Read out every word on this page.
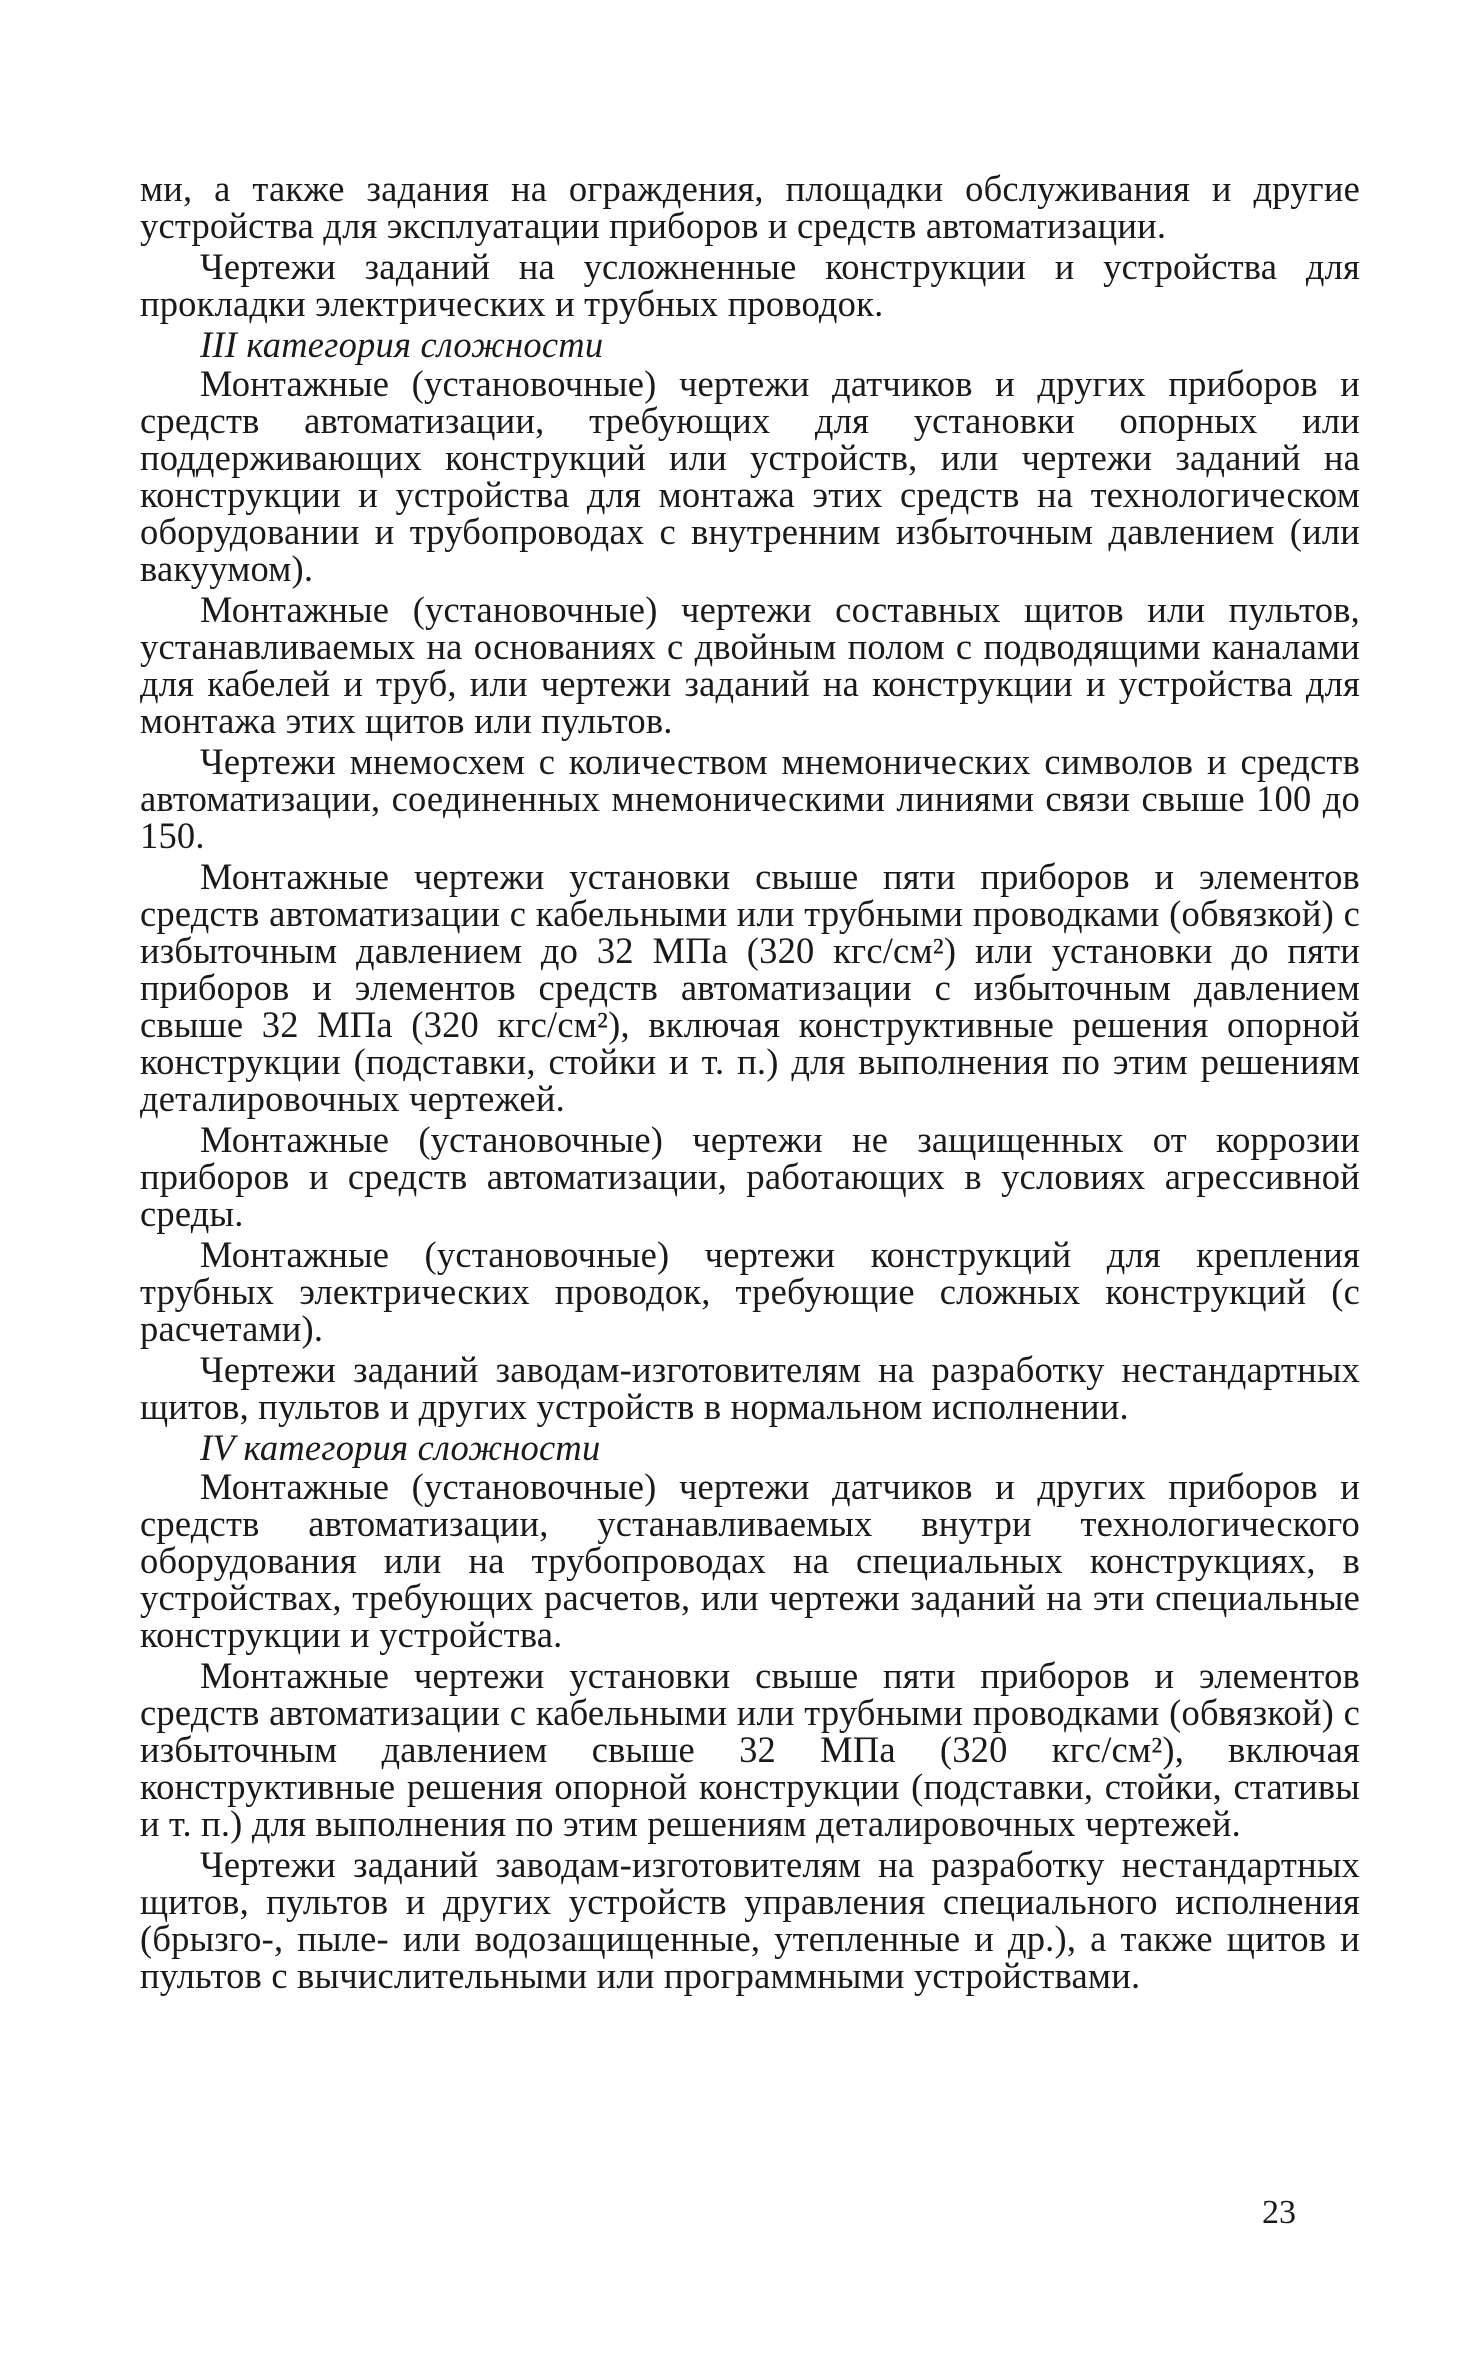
ми, а также задания на ограждения, площадки обслуживания и другие устройства для эксплуатации приборов и средств автоматизации.

Чертежи заданий на усложненные конструкции и устройства для прокладки электрических и трубных проводок.

III категория сложности

Монтажные (установочные) чертежи датчиков и других приборов и средств автоматизации, требующих для установки опорных или поддерживающих конструкций или устройств, или чертежи заданий на конструкции и устройства для монтажа этих средств на технологическом оборудовании и трубопроводах с внутренним избыточным давлением (или вакуумом).

Монтажные (установочные) чертежи составных щитов или пультов, устанавливаемых на основаниях с двойным полом с подводящими каналами для кабелей и труб, или чертежи заданий на конструкции и устройства для монтажа этих щитов или пультов.

Чертежи мнемосхем с количеством мнемонических символов и средств автоматизации, соединенных мнемоническими линиями связи свыше 100 до 150.

Монтажные чертежи установки свыше пяти приборов и элементов средств автоматизации с кабельными или трубными проводками (обвязкой) с избыточным давлением до 32 МПа (320 кгс/см²) или установки до пяти приборов и элементов средств автоматизации с избыточным давлением свыше 32 МПа (320 кгс/см²), включая конструктивные решения опорной конструкции (подставки, стойки и т. п.) для выполнения по этим решениям деталировочных чертежей.

Монтажные (установочные) чертежи не защищенных от коррозии приборов и средств автоматизации, работающих в условиях агрессивной среды.

Монтажные (установочные) чертежи конструкций для крепления трубных электрических проводок, требующие сложных конструкций (с расчетами).

Чертежи заданий заводам-изготовителям на разработку нестандартных щитов, пультов и других устройств в нормальном исполнении.

IV категория сложности

Монтажные (установочные) чертежи датчиков и других приборов и средств автоматизации, устанавливаемых внутри технологического оборудования или на трубопроводах на специальных конструкциях, в устройствах, требующих расчетов, или чертежи заданий на эти специальные конструкции и устройства.

Монтажные чертежи установки свыше пяти приборов и элементов средств автоматизации с кабельными или трубными проводками (обвязкой) с избыточным давлением свыше 32 МПа (320 кгс/см²), включая конструктивные решения опорной конструкции (подставки, стойки, стативы и т. п.) для выполнения по этим решениям деталировочных чертежей.

Чертежи заданий заводам-изготовителям на разработку нестандартных щитов, пультов и других устройств управления специального исполнения (брызго-, пыле- или водозащищенные, утепленные и др.), а также щитов и пультов с вычислительными или программными устройствами.

23
